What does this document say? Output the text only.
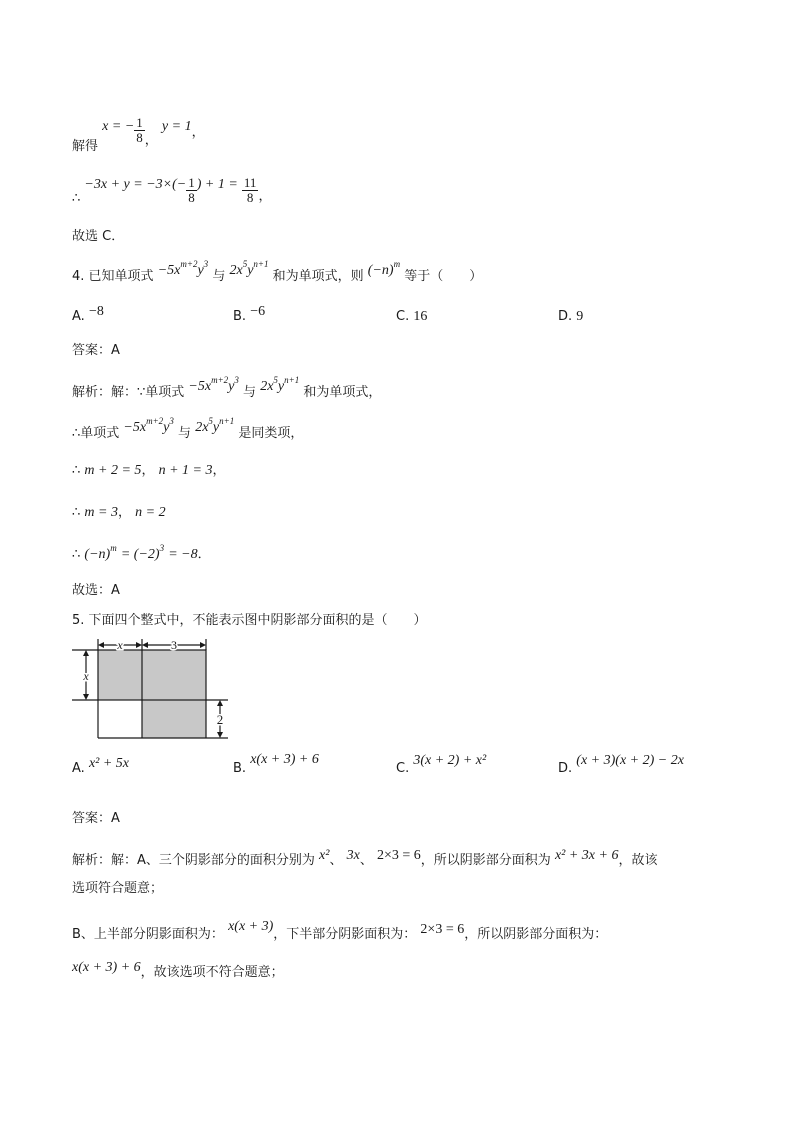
解得 x = − $\frac{1}{8}$ ， y = 1，
∴ $-3x + y = -3\times(- \frac{1}{8}$ ) + $1 = \frac{11}{8}$ ，
故选 C．
4. 已知单项式 $-5x^{m+2}y^3$ 与 $2x^5y^{n+1}$ 和为单项式，则 $(-n)^m$ 等于（　　）
A. −8	B. −6	C. 16	D. 9
答案：A
解析：解：∵单项式 $-5x^{m+2}y^3$ 与 $2x^5y^{n+1}$ 和为单项式，
∴单项式 $-5x^{m+2}y^3$ 与 $2x^5y^{n+1}$ 是同类项，
∴ m + 2 = 5， n + 1 = 3，
∴ m = 3， n = 2
∴ $(-n)^m = (-2)^3 = -8$．
故选：A
5. 下面四个整式中，不能表示图中阴影部分面积的是（　　）
x	3
x
2
A. x² + 5x	B. x(x + 3) + 6
C. 3(x + 2) + x²
D. (x + 3)(x + 2) − 2x
答案：A
解析：解：A、三个阴影部分的面积分别为 x²、 3x、 2×3 = 6，所以阴影部分面积为 x² + 3x + 6，故该
选项符合题意；
B、上半部分阴影面积为： x(x + 3)，下半部分阴影面积为： 2×3 = 6，所以阴影部分面积为：
x(x + 3) + 6，故该选项不符合题意；
